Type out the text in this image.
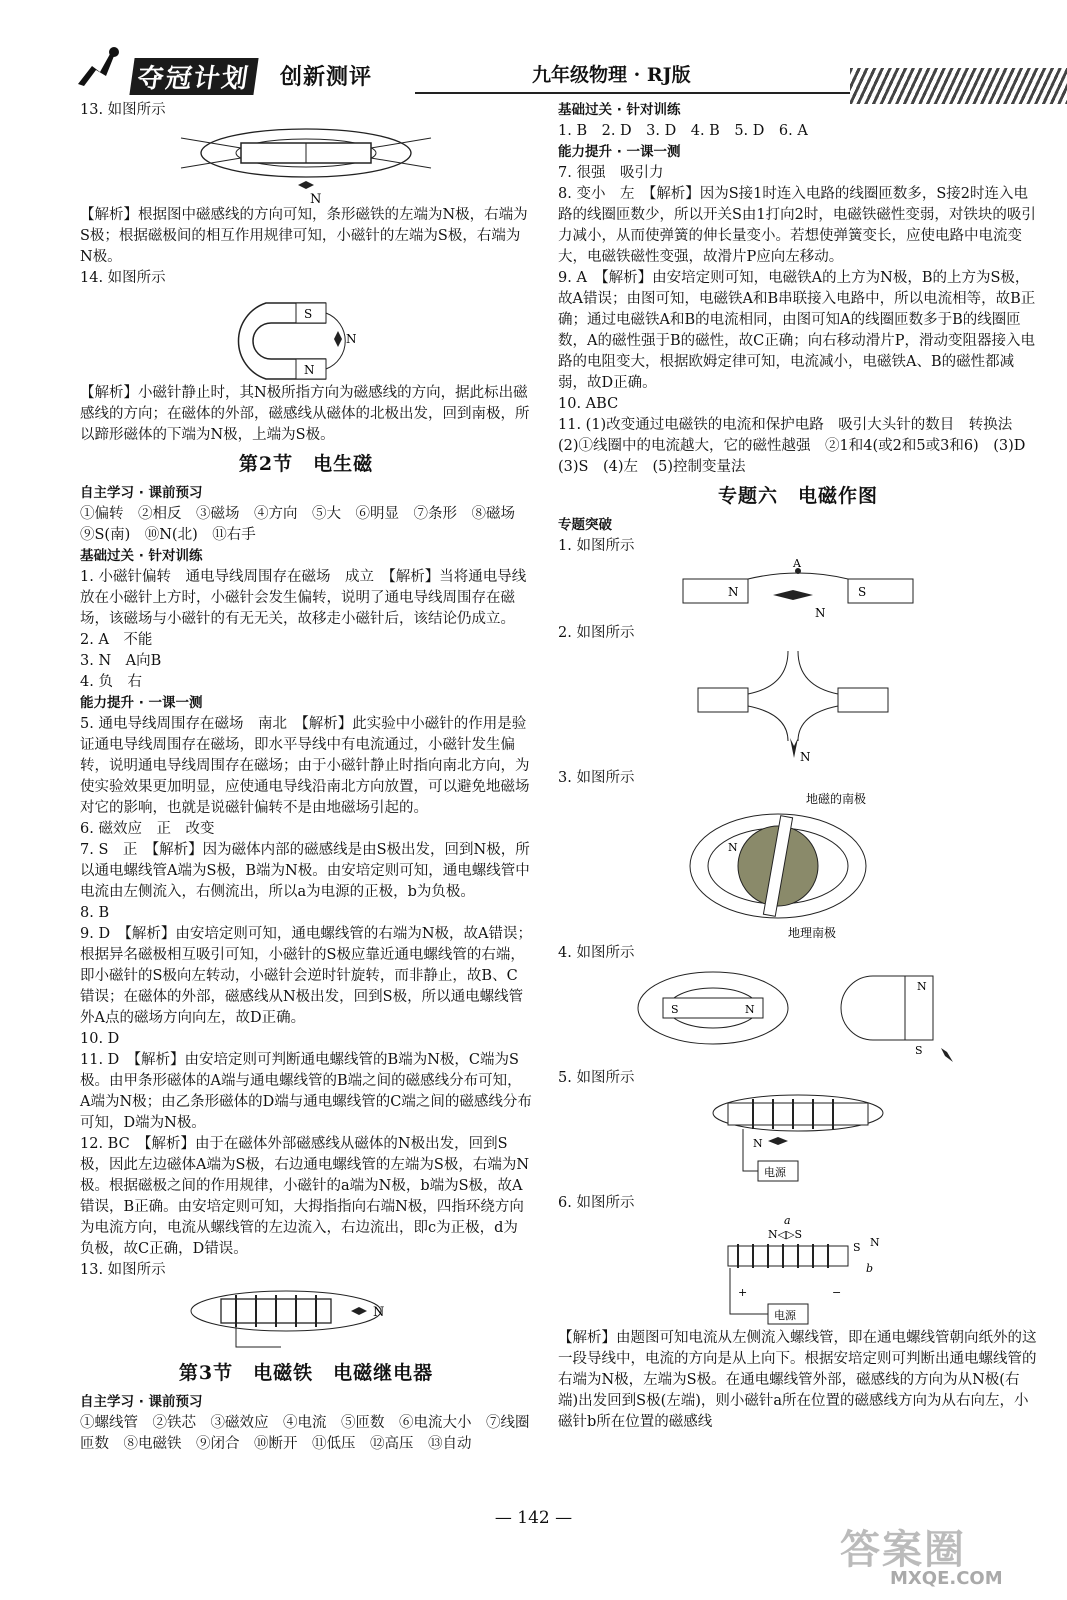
夺冠计划	创新测评	九年级物理 · RJ版

13. 如图所示

N

【解析】根据图中磁感线的方向可知，条形磁铁的左端为N极，右端为S极；根据磁极间的相互作用规律可知，小磁针的左端为S极，右端为N极。

14. 如图所示

S
N
N

【解析】小磁针静止时，其N极所指方向为磁感线的方向，据此标出磁感线的方向；在磁体的外部，磁感线从磁体的北极出发，回到南极，所以蹄形磁体的下端为N极，上端为S极。

第2节　电生磁

自主学习 · 课前预习

①偏转　②相反　③磁场　④方向　⑤大　⑥明显　⑦条形　⑧磁场　⑨S(南)　⑩N(北)　⑪右手

基础过关 · 针对训练

1. 小磁针偏转　通电导线周围存在磁场　成立　【解析】当将通电导线放在小磁针上方时，小磁针会发生偏转，说明了通电导线周围存在磁场，该磁场与小磁针的有无无关，故移走小磁针后，该结论仍成立。

2. A　不能

3. N　A向B

4. 负　右

能力提升 · 一课一测

5. 通电导线周围存在磁场　南北　【解析】此实验中小磁针的作用是验证通电导线周围存在磁场，即水平导线中有电流通过，小磁针发生偏转，说明通电导线周围存在磁场；由于小磁针静止时指向南北方向，为使实验效果更加明显，应使通电导线沿南北方向放置，可以避免地磁场对它的影响，也就是说磁针偏转不是由地磁场引起的。

6. 磁效应　正　改变

7. S　正　【解析】因为磁体内部的磁感线是由S极出发，回到N极，所以通电螺线管A端为S极，B端为N极。由安培定则可知，通电螺线管中电流由左侧流入，右侧流出，所以a为电源的正极，b为负极。

8. B

9. D　【解析】由安培定则可知，通电螺线管的右端为N极，故A错误；根据异名磁极相互吸引可知，小磁针的S极应靠近通电螺线管的右端，即小磁针的S极向左转动，小磁针会逆时针旋转，而非静止，故B、C错误；在磁体的外部，磁感线从N极出发，回到S极，所以通电螺线管外A点的磁场方向向左，故D正确。

10. D

11. D　【解析】由安培定则可判断通电螺线管的B端为N极，C端为S极。由甲条形磁体的A端与通电螺线管的B端之间的磁感线分布可知，A端为N极；由乙条形磁体的D端与通电螺线管的C端之间的磁感线分布可知，D端为N极。

12. BC　【解析】由于在磁体外部磁感线从磁体的N极出发，回到S极，因此左边磁体A端为S极，右边通电螺线管的左端为S极，右端为N极。根据磁极之间的作用规律，小磁针的a端为N极，b端为S极，故A错误，B正确。由安培定则可知，大拇指指向右端N极，四指环绕方向为电流方向，电流从螺线管的左边流入，右边流出，即c为正极，d为负极，故C正确，D错误。

13. 如图所示

N

第3节　电磁铁　电磁继电器

自主学习 · 课前预习

①螺线管　②铁芯　③磁效应　④电流　⑤匝数　⑥电流大小　⑦线圈匝数　⑧电磁铁　⑨闭合　⑩断开　⑪低压　⑫高压　⑬自动

基础过关 · 针对训练

1. B　2. D　3. D　4. B　5. D　6. A

能力提升 · 一课一测

7. 很强　吸引力

8. 变小　左　【解析】因为S接1时连入电路的线圈匝数多，S接2时连入电路的线圈匝数少，所以开关S由1打向2时，电磁铁磁性变弱，对铁块的吸引力减小，从而使弹簧的伸长量变小。若想使弹簧变长，应使电路中电流变大，电磁铁磁性变强，故滑片P应向左移动。

9. A　【解析】由安培定则可知，电磁铁A的上方为N极，B的上方为S极，故A错误；由图可知，电磁铁A和B串联接入电路中，所以电流相等，故B正确；通过电磁铁A和B的电流相同，由图可知A的线圈匝数多于B的线圈匝数，A的磁性强于B的磁性，故C正确；向右移动滑片P，滑动变阻器接入电路的电阻变大，根据欧姆定律可知，电流减小，电磁铁A、B的磁性都减弱，故D正确。

10. ABC

11. (1)改变通过电磁铁的电流和保护电路　吸引大头针的数目　转换法　(2)①线圈中的电流越大，它的磁性越强　②1和4(或2和5或3和6)　(3)D　(3)S　(4)左　(5)控制变量法

专题六　电磁作图

专题突破

1. 如图所示

A
N	S
N

2. 如图所示

N

3. 如图所示

N
地磁的南极
地理南极

4. 如图所示

S	N
N
S

5. 如图所示

N
电源

6. 如图所示

a
N◁▷S
S N
b
+	−
电源

【解析】由题图可知电流从左侧流入螺线管，即在通电螺线管朝向纸外的这一段导线中，电流的方向是从上向下。根据安培定则可判断出通电螺线管的右端为N极，左端为S极。在通电螺线管外部，磁感线的方向为从N极(右端)出发回到S极(左端)，则小磁针a所在位置的磁感线方向为从右向左，小磁针b所在位置的磁感线

— 142 —
答案圈
MXQE.COM
